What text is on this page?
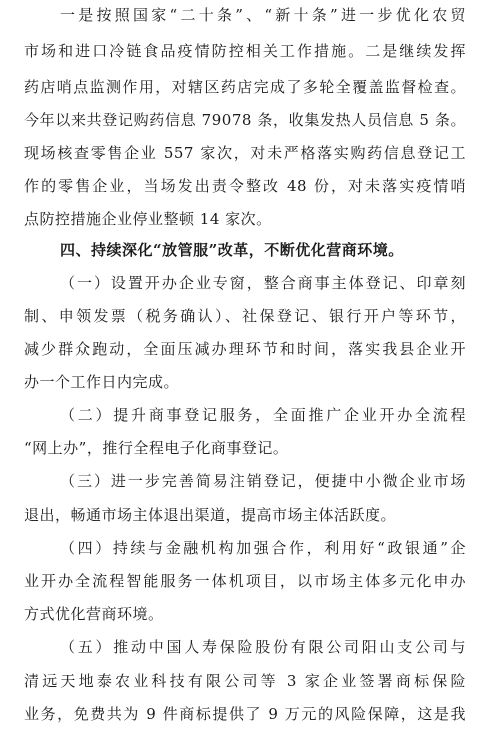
一是按照国家“二十条”、“新十条”进一步优化农贸
市场和进口冷链食品疫情防控相关工作措施。二是继续发挥
药店哨点监测作用，对辖区药店完成了多轮全覆盖监督检查。
今年以来共登记购药信息 79078 条，收集发热人员信息 5 条。
现场核查零售企业 557 家次，对未严格落实购药信息登记工
作的零售企业，当场发出责令整改 48 份，对未落实疫情哨
点防控措施企业停业整顿 14 家次。
四、持续深化“放管服”改革，不断优化营商环境。
（一）设置开办企业专窗，整合商事主体登记、印章刻
制、申领发票（税务确认）、社保登记、银行开户等环节，
减少群众跑动，全面压减办理环节和时间，落实我县企业开
办一个工作日内完成。
（二）提升商事登记服务，全面推广企业开办全流程
“网上办”，推行全程电子化商事登记。
（三）进一步完善简易注销登记，便捷中小微企业市场
退出，畅通市场主体退出渠道，提高市场主体活跃度。
（四）持续与金融机构加强合作，利用好“政银通”企
业开办全流程智能服务一体机项目，以市场主体多元化申办
方式优化营商环境。
（五）推动中国人寿保险股份有限公司阳山支公司与
清远天地泰农业科技有限公司等 3 家企业签署商标保险
业务，免费共为 9 件商标提供了 9 万元的风险保障，这是我
